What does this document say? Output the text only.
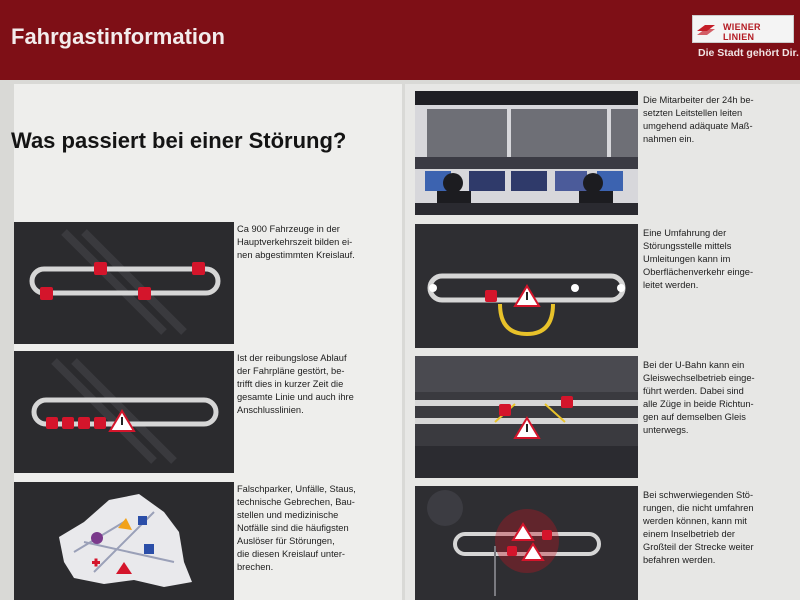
Fahrgastinformation	WIENER LINIEN
Die Stadt gehört Dir.
Was passiert bei einer Störung?
Ca 900 Fahrzeuge in der
Hauptverkehrszeit bilden ei-
nen abgestimmten Kreislauf.
Ist der reibungslose Ablauf
der Fahrpläne gestört, be-
trifft dies in kurzer Zeit die
gesamte Linie und auch ihre
Anschlusslinien.
Falschparker, Unfälle, Staus,
technische Gebrechen, Bau-
stellen und medizinische
Notfälle sind die häufigsten
Auslöser für Störungen,
die diesen Kreislauf unter-
brechen.
Die Mitarbeiter der 24h be-
setzten Leitstellen leiten
umgehend adäquate Maß-
nahmen ein.
Eine Umfahrung der
Störungsstelle mittels
Umleitungen kann im
Oberflächenverkehr einge-
leitet werden.
Bei der U-Bahn kann ein
Gleiswechselbetrieb einge-
führt werden. Dabei sind
alle Züge in beide Richtun-
gen auf demselben Gleis
unterwegs.
Bei schwerwiegenden Stö-
rungen, die nicht umfahren
werden können, kann mit
einem Inselbetrieb der
Großteil der Strecke weiter
befahren werden.
